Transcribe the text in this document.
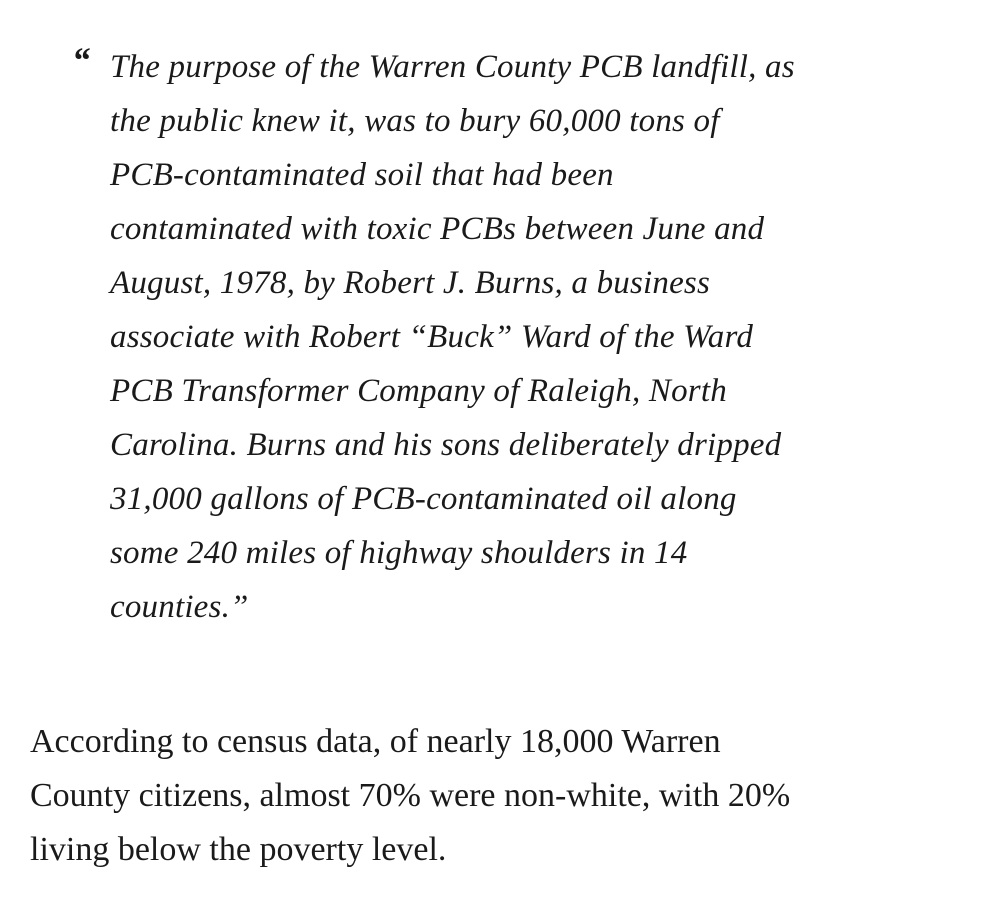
“ The purpose of the Warren County PCB landfill, as
the public knew it, was to bury 60,000 tons of
PCB-contaminated soil that had been
contaminated with toxic PCBs between June and
August, 1978, by Robert J. Burns, a business
associate with Robert “Buck” Ward of the Ward
PCB Transformer Company of Raleigh, North
Carolina. Burns and his sons deliberately dripped
31,000 gallons of PCB-contaminated oil along
some 240 miles of highway shoulders in 14
counties.”

According to census data, of nearly 18,000 Warren
County citizens, almost 70% were non-white, with 20%
living below the poverty level.
